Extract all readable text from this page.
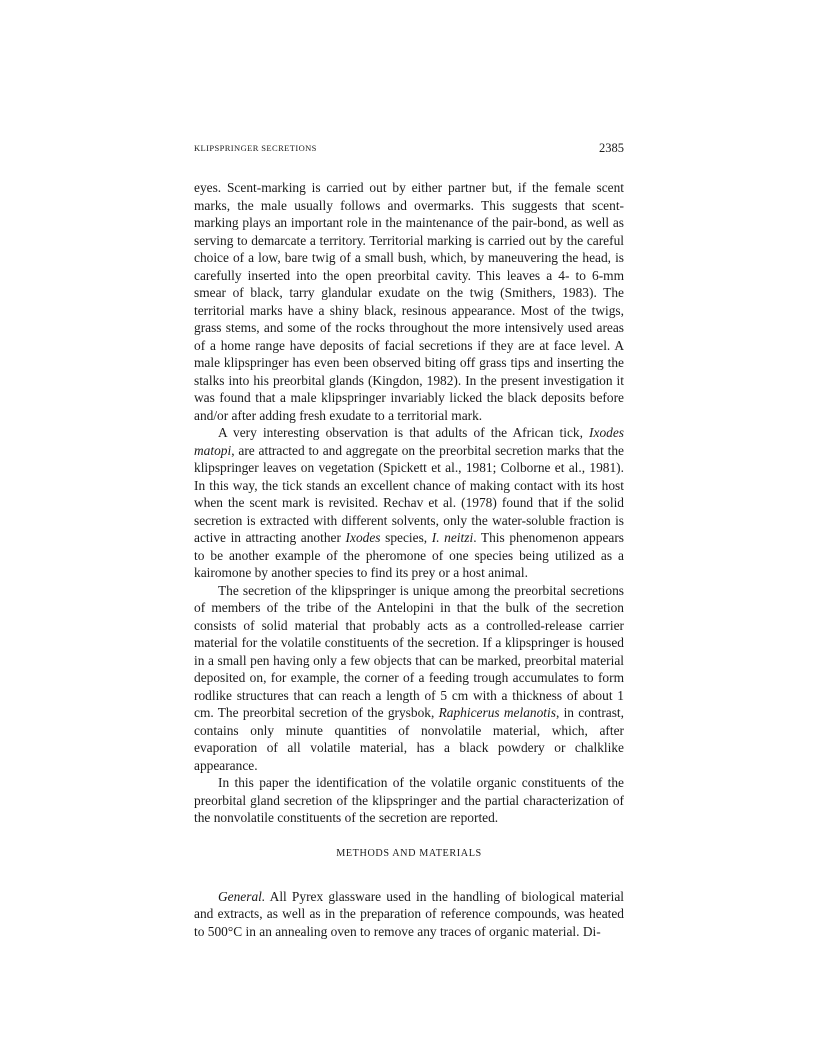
KLIPSPRINGER SECRETIONS	2385

eyes. Scent-marking is carried out by either partner but, if the female scent marks, the male usually follows and overmarks. This suggests that scent-marking plays an important role in the maintenance of the pair-bond, as well as serving to demarcate a territory. Territorial marking is carried out by the careful choice of a low, bare twig of a small bush, which, by maneuvering the head, is carefully inserted into the open preorbital cavity. This leaves a 4- to 6-mm smear of black, tarry glandular exudate on the twig (Smithers, 1983). The territorial marks have a shiny black, resinous appearance. Most of the twigs, grass stems, and some of the rocks throughout the more intensively used areas of a home range have deposits of facial secretions if they are at face level. A male klipspringer has even been observed biting off grass tips and inserting the stalks into his preorbital glands (Kingdon, 1982). In the present investigation it was found that a male klipspringer invariably licked the black deposits before and/or after adding fresh exudate to a territorial mark.

A very interesting observation is that adults of the African tick, Ixodes matopi, are attracted to and aggregate on the preorbital secretion marks that the klipspringer leaves on vegetation (Spickett et al., 1981; Colborne et al., 1981). In this way, the tick stands an excellent chance of making contact with its host when the scent mark is revisited. Rechav et al. (1978) found that if the solid secretion is extracted with different solvents, only the water-soluble fraction is active in attracting another Ixodes species, I. neitzi. This phenomenon appears to be another example of the pheromone of one species being utilized as a kairomone by another species to find its prey or a host animal.

The secretion of the klipspringer is unique among the preorbital secretions of members of the tribe of the Antelopini in that the bulk of the secretion consists of solid material that probably acts as a controlled-release carrier material for the volatile constituents of the secretion. If a klipspringer is housed in a small pen having only a few objects that can be marked, preorbital material deposited on, for example, the corner of a feeding trough accumulates to form rodlike structures that can reach a length of 5 cm with a thickness of about 1 cm. The preorbital secretion of the grysbok, Raphicerus melanotis, in contrast, contains only minute quantities of nonvolatile material, which, after evaporation of all volatile material, has a black powdery or chalklike appearance.

In this paper the identification of the volatile organic constituents of the preorbital gland secretion of the klipspringer and the partial characterization of the nonvolatile constituents of the secretion are reported.

METHODS AND MATERIALS

General. All Pyrex glassware used in the handling of biological material and extracts, as well as in the preparation of reference compounds, was heated to 500°C in an annealing oven to remove any traces of organic material. Di-
